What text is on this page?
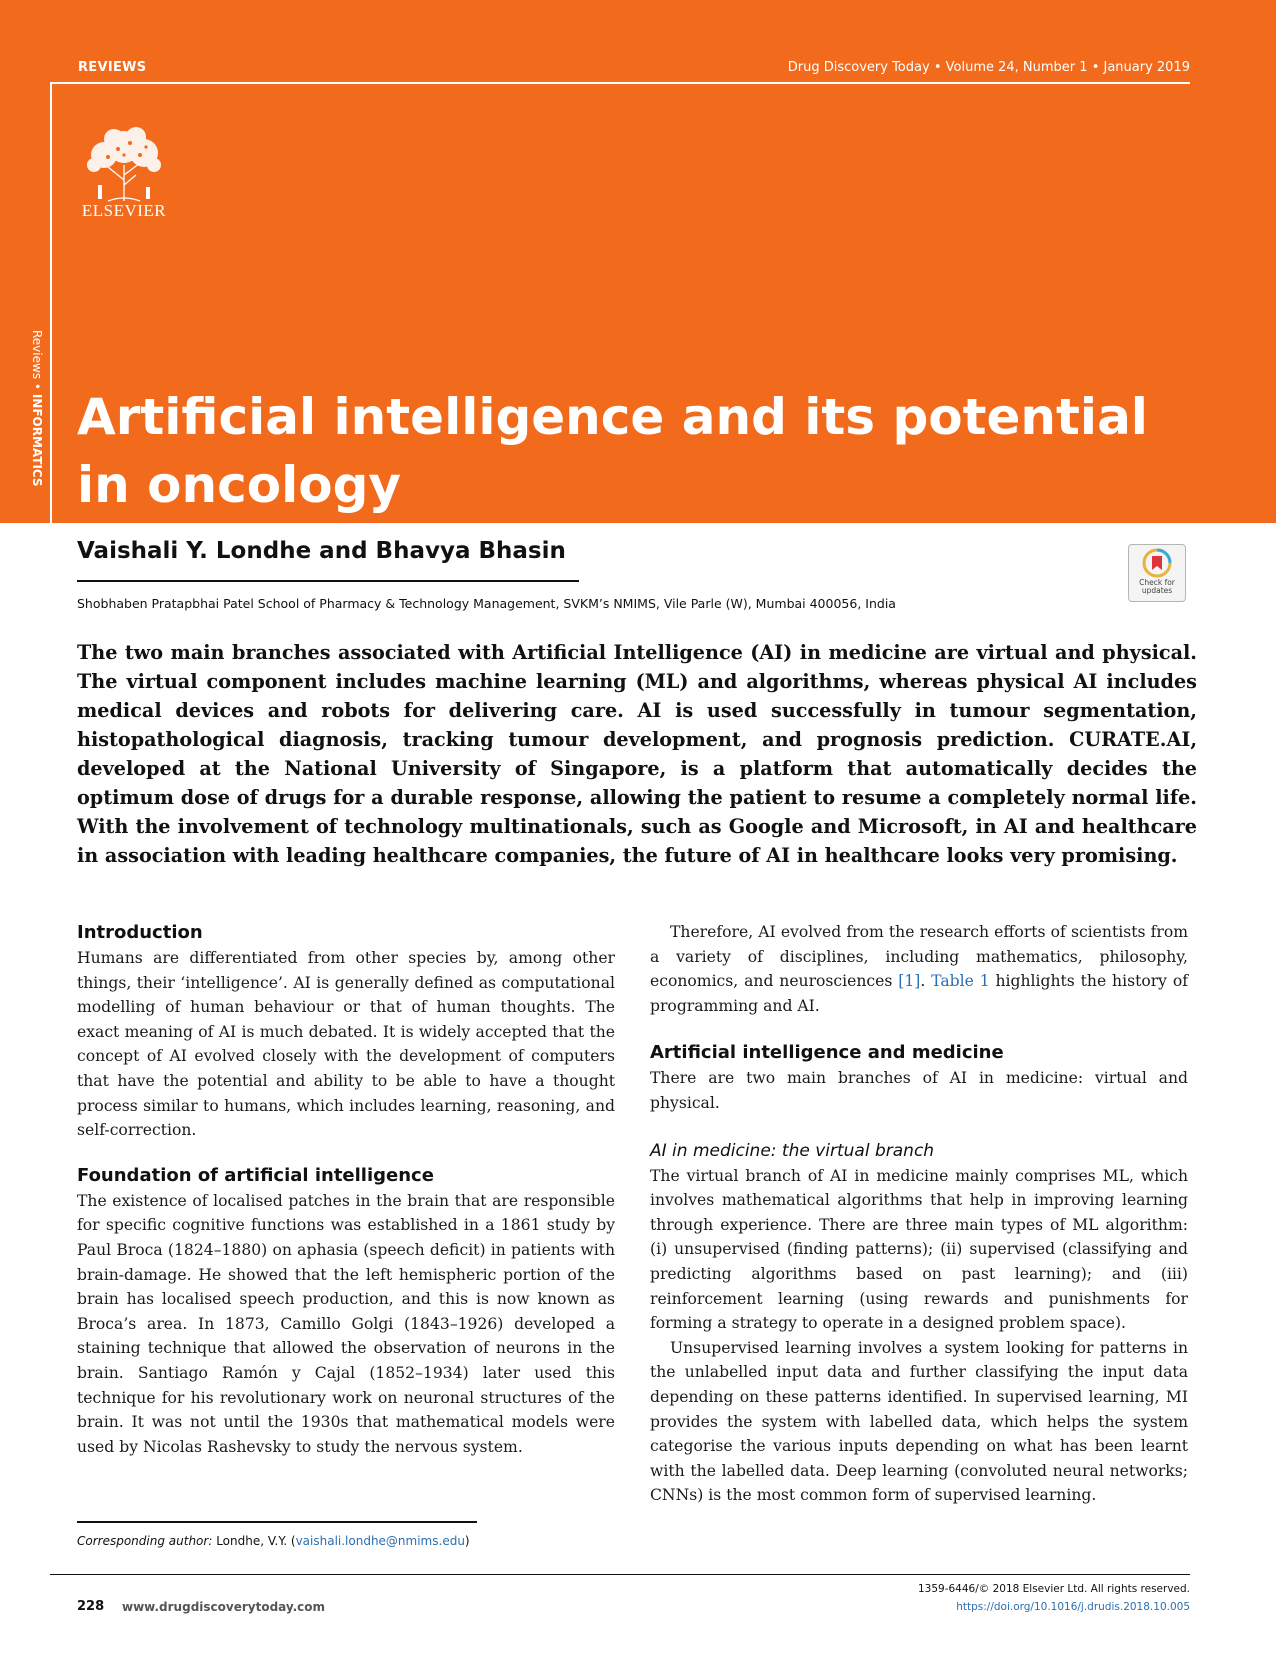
REVIEWS	Drug Discovery Today • Volume 24, Number 1 • January 2019
ELSEVIER
Reviews • INFORMATICS Artificial intelligence and its potential in oncology
Vaishali Y. Londhe and Bhavya Bhasin
Shobhaben Pratapbhai Patel School of Pharmacy & Technology Management, SVKM’s NMIMS, Vile Parle (W), Mumbai 400056, India
Check for updates

The two main branches associated with Artificial Intelligence (AI) in medicine are virtual and physical. The virtual component includes machine learning (ML) and algorithms, whereas physical AI includes medical devices and robots for delivering care. AI is used successfully in tumour segmentation, histopathological diagnosis, tracking tumour development, and prognosis prediction. CURATE.AI, developed at the National University of Singapore, is a platform that automatically decides the optimum dose of drugs for a durable response, allowing the patient to resume a completely normal life. With the involvement of technology multinationals, such as Google and Microsoft, in AI and healthcare in association with leading healthcare companies, the future of AI in healthcare looks very promising.

Introduction

Humans are differentiated from other species by, among other things, their ‘intelligence’. AI is generally defined as computational modelling of human behaviour or that of human thoughts. The exact meaning of AI is much debated. It is widely accepted that the concept of AI evolved closely with the development of computers that have the potential and ability to be able to have a thought process similar to humans, which includes learning, reasoning, and self-correction.

Foundation of artificial intelligence

The existence of localised patches in the brain that are responsible for specific cognitive functions was established in a 1861 study by Paul Broca (1824–1880) on aphasia (speech deficit) in patients with brain-damage. He showed that the left hemispheric portion of the brain has localised speech production, and this is now known as Broca’s area. In 1873, Camillo Golgi (1843–1926) developed a staining technique that allowed the observation of neurons in the brain. Santiago Ramón y Cajal (1852–1934) later used this technique for his revolutionary work on neuronal structures of the brain. It was not until the 1930s that mathematical models were used by Nicolas Rashevsky to study the nervous system.

Therefore, AI evolved from the research efforts of scientists from a variety of disciplines, including mathematics, philosophy, economics, and neurosciences [1]. Table 1 highlights the history of programming and AI.

Artificial intelligence and medicine

There are two main branches of AI in medicine: virtual and physical.

AI in medicine: the virtual branch

The virtual branch of AI in medicine mainly comprises ML, which involves mathematical algorithms that help in improving learning through experience. There are three main types of ML algorithm: (i) unsupervised (finding patterns); (ii) supervised (classifying and predicting algorithms based on past learning); and (iii) reinforcement learning (using rewards and punishments for forming a strategy to operate in a designed problem space).

Unsupervised learning involves a system looking for patterns in the unlabelled input data and further classifying the input data depending on these patterns identified. In supervised learning, MI provides the system with labelled data, which helps the system categorise the various inputs depending on what has been learnt with the labelled data. Deep learning (convoluted neural networks; CNNs) is the most common form of supervised learning.

Corresponding author: Londhe, V.Y. (vaishali.londhe@nmims.edu)
228 www.drugdiscoverytoday.com
1359-6446/© 2018 Elsevier Ltd. All rights reserved.
https://doi.org/10.1016/j.drudis.2018.10.005
